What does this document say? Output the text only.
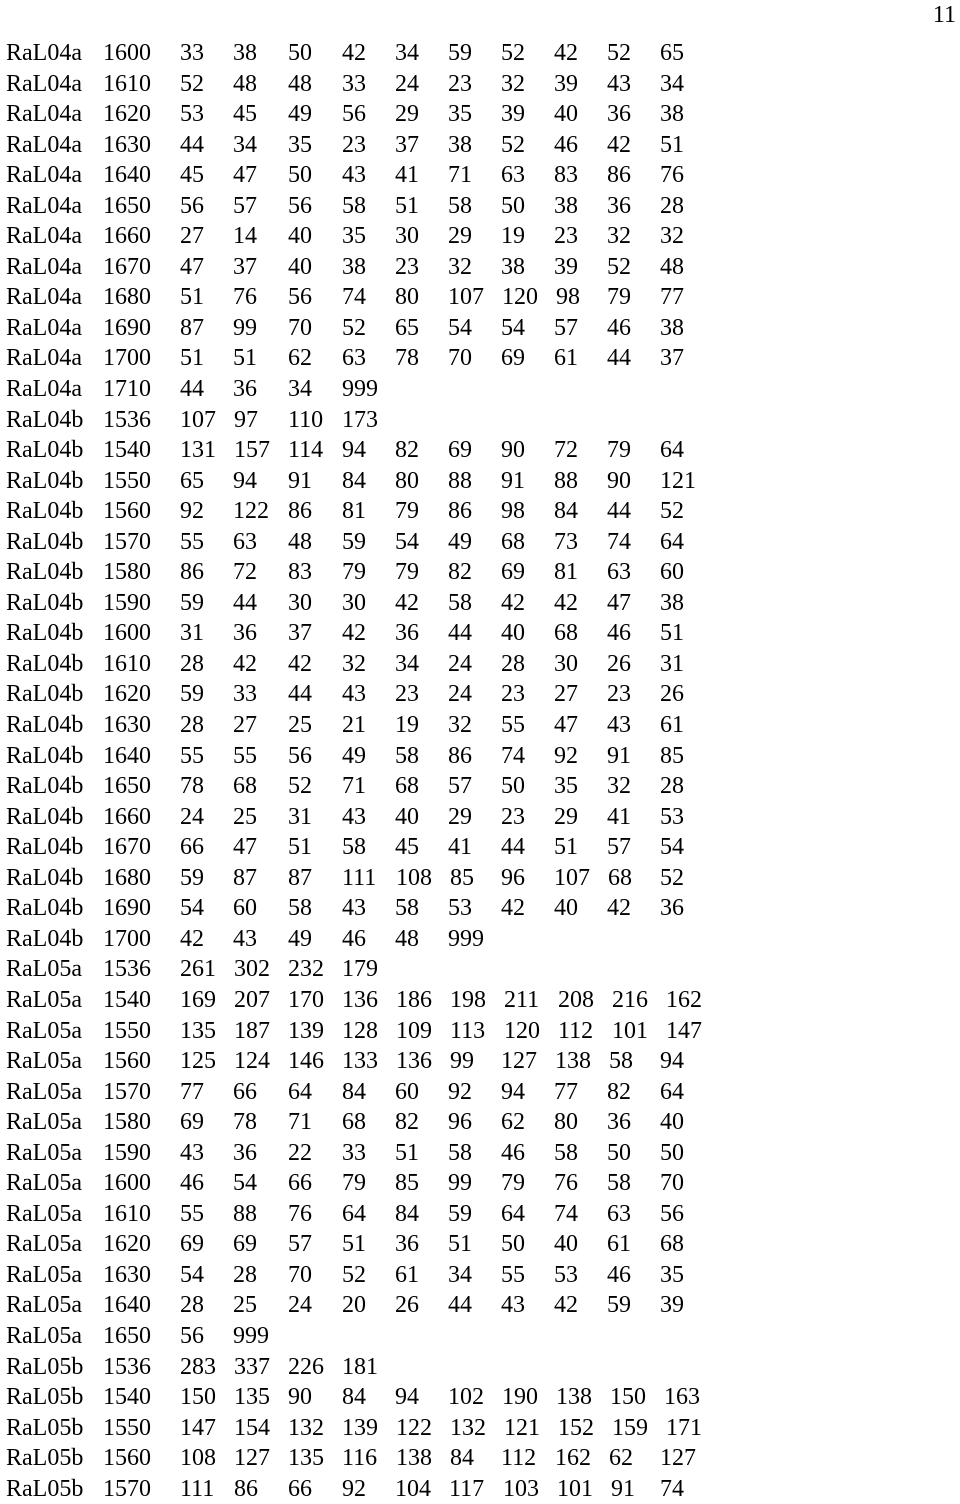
11
RaL04a 1600 33 38 50 42 34 59 52 42 52 65
RaL04a 1610 52 48 48 33 24 23 32 39 43 34
RaL04a 1620 53 45 49 56 29 35 39 40 36 38
RaL04a 1630 44 34 35 23 37 38 52 46 42 51
RaL04a 1640 45 47 50 43 41 71 63 83 86 76
RaL04a 1650 56 57 56 58 51 58 50 38 36 28
RaL04a 1660 27 14 40 35 30 29 19 23 32 32
RaL04a 1670 47 37 40 38 23 32 38 39 52 48
RaL04a 1680 51 76 56 74 80 107 120 98 79 77
RaL04a 1690 87 99 70 52 65 54 54 57 46 38
RaL04a 1700 51 51 62 63 78 70 69 61 44 37
RaL04a 1710 44 36 34 999
RaL04b 1536 107 97 110 173
RaL04b 1540 131 157 114 94 82 69 90 72 79 64
RaL04b 1550 65 94 91 84 80 88 91 88 90 121
RaL04b 1560 92 122 86 81 79 86 98 84 44 52
RaL04b 1570 55 63 48 59 54 49 68 73 74 64
RaL04b 1580 86 72 83 79 79 82 69 81 63 60
RaL04b 1590 59 44 30 30 42 58 42 42 47 38
RaL04b 1600 31 36 37 42 36 44 40 68 46 51
RaL04b 1610 28 42 42 32 34 24 28 30 26 31
RaL04b 1620 59 33 44 43 23 24 23 27 23 26
RaL04b 1630 28 27 25 21 19 32 55 47 43 61
RaL04b 1640 55 55 56 49 58 86 74 92 91 85
RaL04b 1650 78 68 52 71 68 57 50 35 32 28
RaL04b 1660 24 25 31 43 40 29 23 29 41 53
RaL04b 1670 66 47 51 58 45 41 44 51 57 54
RaL04b 1680 59 87 87 111 108 85 96 107 68 52
RaL04b 1690 54 60 58 43 58 53 42 40 42 36
RaL04b 1700 42 43 49 46 48 999
RaL05a 1536 261 302 232 179
RaL05a 1540 169 207 170 136 186 198 211 208 216 162
RaL05a 1550 135 187 139 128 109 113 120 112 101 147
RaL05a 1560 125 124 146 133 136 99 127 138 58 94
RaL05a 1570 77 66 64 84 60 92 94 77 82 64
RaL05a 1580 69 78 71 68 82 96 62 80 36 40
RaL05a 1590 43 36 22 33 51 58 46 58 50 50
RaL05a 1600 46 54 66 79 85 99 79 76 58 70
RaL05a 1610 55 88 76 64 84 59 64 74 63 56
RaL05a 1620 69 69 57 51 36 51 50 40 61 68
RaL05a 1630 54 28 70 52 61 34 55 53 46 35
RaL05a 1640 28 25 24 20 26 44 43 42 59 39
RaL05a 1650 56 999
RaL05b 1536 283 337 226 181
RaL05b 1540 150 135 90 84 94 102 190 138 150 163
RaL05b 1550 147 154 132 139 122 132 121 152 159 171
RaL05b 1560 108 127 135 116 138 84 112 162 62 127
RaL05b 1570 111 86 66 92 104 117 103 101 91 74
